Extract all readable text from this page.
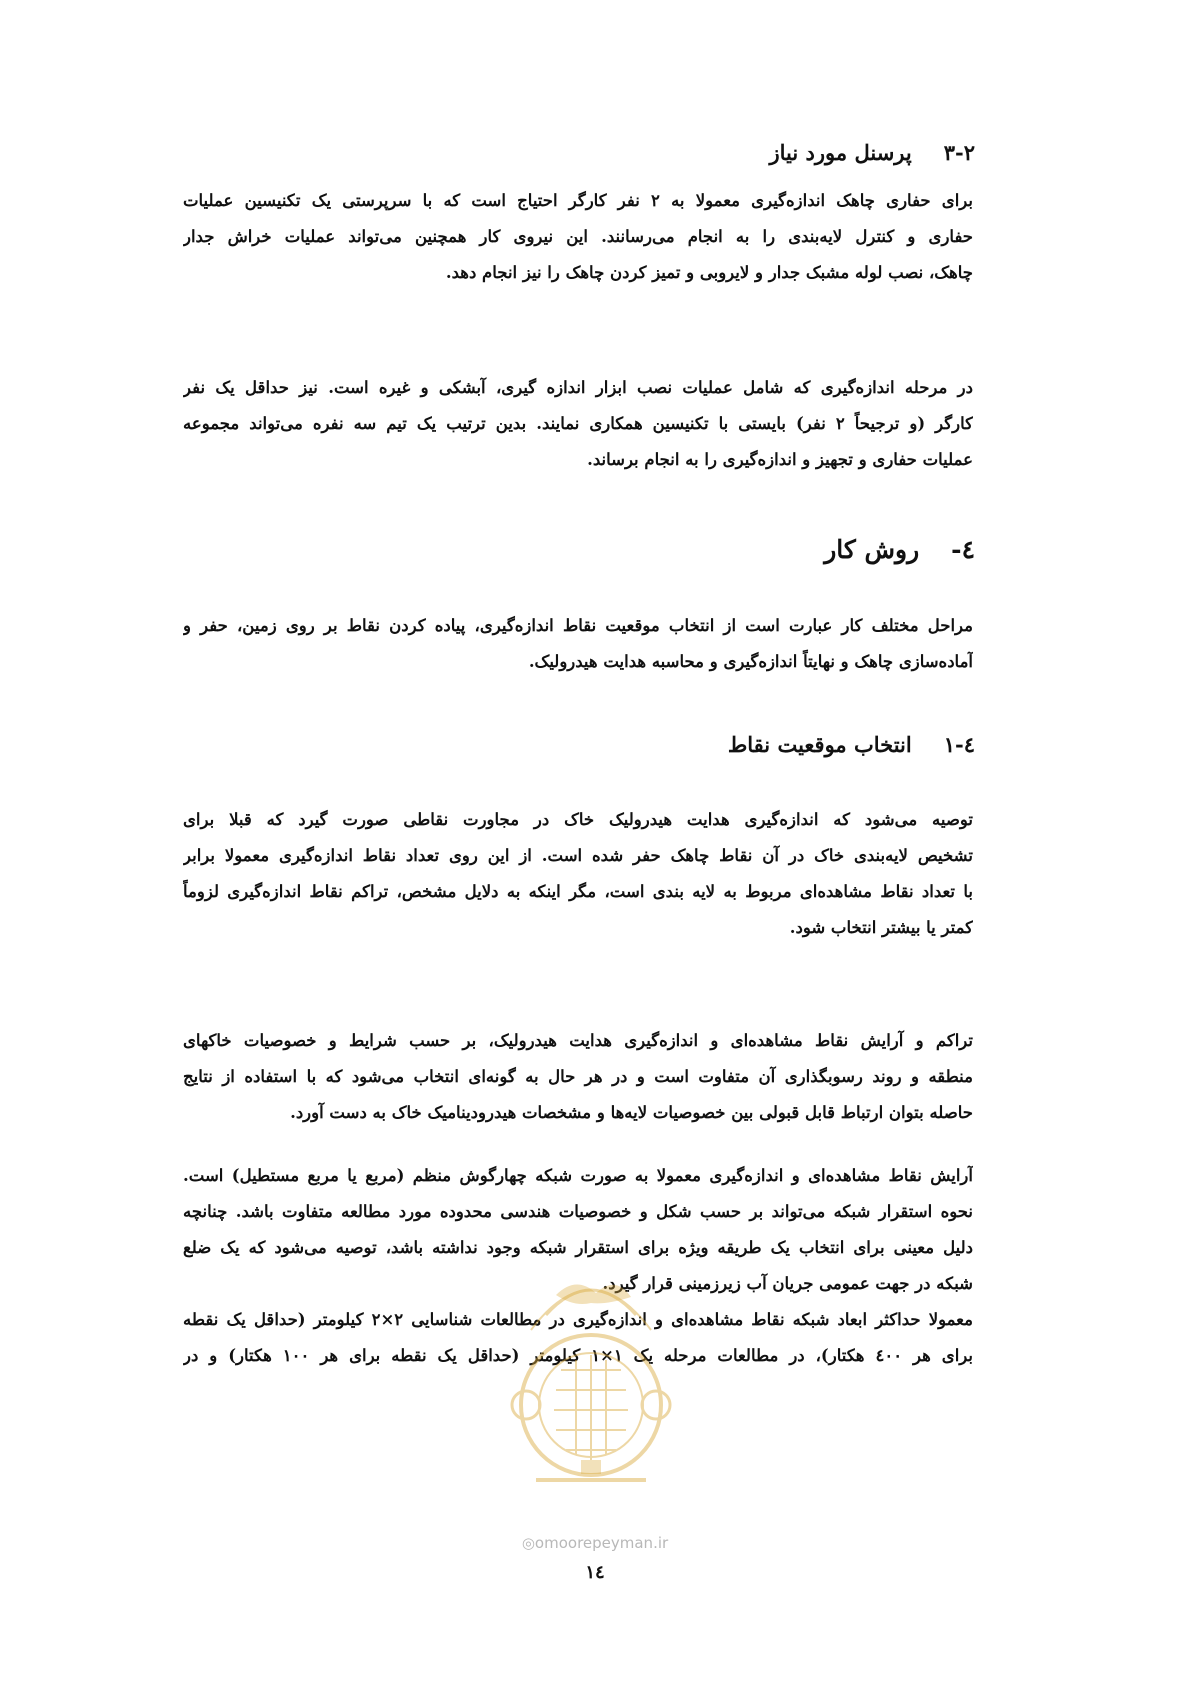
۳-۲پرسنل مورد نیاز
برای حفاری چاهک اندازه‌گیری معمولا به ۲ نفر کارگر احتیاج است که با سرپرستی یک تکنیسین عملیات
حفاری و کنترل لایه‌بندی را به انجام می‌رسانند. این نیروی کار همچنین می‌تواند عملیات خراش جدار
چاهک، نصب لوله مشبک جدار و لایروبی و تمیز کردن چاهک را نیز انجام دهد.
در مرحله اندازه‌گیری که شامل عملیات نصب ابزار اندازه گیری، آبشکی و غیره است. نیز حداقل یک نفر
کارگر (و ترجیحاً ۲ نفر) بایستی با تکنیسین همکاری نمایند. بدین ترتیب یک تیم سه نفره می‌تواند مجموعه
عملیات حفاری و تجهیز و اندازه‌گیری را به انجام برساند.
٤-روش کار
مراحل مختلف کار عبارت است از انتخاب موقعیت نقاط اندازه‌گیری، پیاده کردن نقاط بر روی زمین، حفر و
آماده‌سازی چاهک و نهایتاً اندازه‌گیری و محاسبه هدایت هیدرولیک.
٤-١انتخاب موقعیت نقاط
توصیه می‌شود که اندازه‌گیری هدایت هیدرولیک خاک در مجاورت نقاطی صورت گیرد که قبلا برای
تشخیص لایه‌بندی خاک در آن نقاط چاهک حفر شده است. از این روی تعداد نقاط اندازه‌گیری معمولا برابر
با تعداد نقاط مشاهده‌ای مربوط به لایه بندی است، مگر اینکه به دلایل مشخص، تراکم نقاط اندازه‌گیری لزوماً
کمتر یا بیشتر انتخاب شود.
تراکم و آرایش نقاط مشاهده‌ای و اندازه‌گیری هدایت هیدرولیک، بر حسب شرایط و خصوصیات خاکهای
منطقه و روند رسوبگذاری آن متفاوت است و در هر حال به گونه‌ای انتخاب می‌شود که با استفاده از نتایج
حاصله بتوان ارتباط قابل قبولی بین خصوصیات لایه‌ها و مشخصات هیدرودینامیک خاک به دست آورد.
آرایش نقاط مشاهده‌ای و اندازه‌گیری معمولا به صورت شبکه چهارگوش منظم (مربع یا مربع مستطیل) است.
نحوه استقرار شبکه می‌تواند بر حسب شکل و خصوصیات هندسی محدوده مورد مطالعه متفاوت باشد. چنانچه
دلیل معینی برای انتخاب یک طریقه ویژه برای استقرار شبکه وجود نداشته باشد، توصیه می‌شود که یک ضلع
شبکه در جهت عمومی جریان آب زیرزمینی قرار گیرد.
معمولا حداکثر ابعاد شبکه نقاط مشاهده‌ای و اندازه‌گیری در مطالعات شناسایی ۲×۲ کیلومتر (حداقل یک نقطه
برای هر ٤٠٠ هکتار)، در مطالعات مرحله یک ١×١ کیلومتر (حداقل یک نقطه برای هر ١٠٠ هکتار) و در
◎omoorepeyman.ir
١٤
